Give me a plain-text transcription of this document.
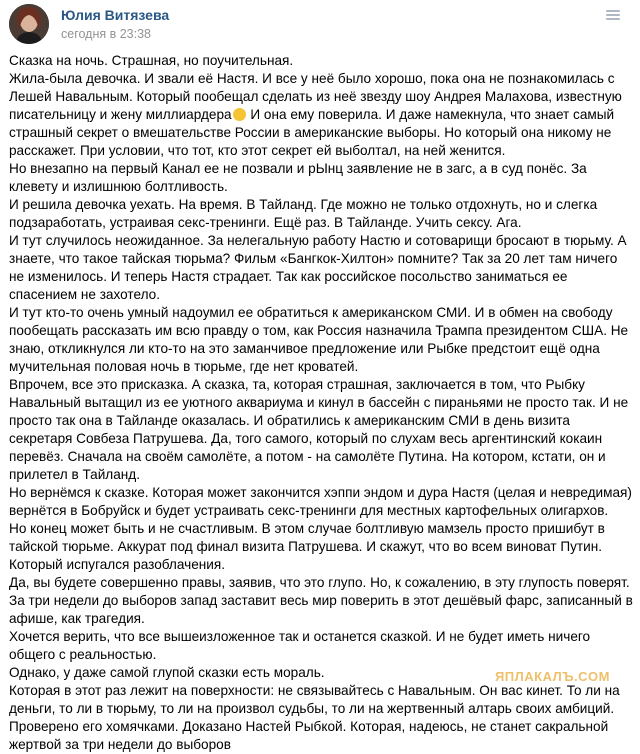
Юлия Витязева
сегодня в 23:38

Сказка на ночь. Страшная, но поучительная.

Жила-была девочка. И звали её Настя. И все у неё было хорошо, пока она не познакомилась с Лешей Навальным. Который пообещал сделать из неё звезду шоу Андрея Малахова, известную писательницу и жену миллиардера И она ему поверила. И даже намекнула, что знает самый страшный секрет о вмешательстве России в американские выборы. Но который она никому не расскажет. При условии, что тот, кто этот секрет ей выболтал, на ней женится.

Но внезапно на первый Канал ее не позвали и рЫнц заявление не в загс, а в суд понёс. За клевету и излишнюю болтливость.

И решила девочка уехать. На время. В Тайланд. Где можно не только отдохнуть, но и слегка подзаработать, устраивая секс-тренинги. Ещё раз. В Тайланде. Учить сексу. Ага.

И тут случилось неожиданное. За нелегальную работу Настю и сотоварищи бросают в тюрьму. А знаете, что такое тайская тюрьма? Фильм «Бангкок-Хилтон» помните? Так за 20 лет там ничего не изменилось. И теперь Настя страдает. Так как российское посольство заниматься ее спасением не захотело.

И тут кто-то очень умный надоумил ее обратиться к американском СМИ. И в обмен на свободу пообещать рассказать им всю правду о том, как Россия назначила Трампа президентом США. Не знаю, откликнулся ли кто-то на это заманчивое предложение или Рыбке предстоит ещё одна мучительная половая ночь в тюрьме, где нет кроватей.

Впрочем, все это присказка. А сказка, та, которая страшная, заключается в том, что Рыбку Навальный вытащил из ее уютного аквариума и кинул в бассейн с пираньями не просто так. И не просто так она в Тайланде оказалась. И обратились к американским СМИ в день визита секретаря Совбеза Патрушева. Да, того самого, который по слухам весь аргентинский кокаин перевёз. Сначала на своём самолёте, а потом - на самолёте Путина. На котором, кстати, он и прилетел в Тайланд.

Но вернёмся к сказке. Которая может закончится хэппи эндом и дура Настя (целая и невредимая) вернётся в Бобруйск и будет устраивать секс-тренинги для местных картофельных олигархов.

Но конец может быть и не счастливым. В этом случае болтливую мамзель просто пришибут в тайской тюрьме. Аккурат под финал визита Патрушева. И скажут, что во всем виноват Путин. Который испугался разоблачения.

Да, вы будете совершенно правы, заявив, что это глупо. Но, к сожалению, в эту глупость поверят. За три недели до выборов запад заставит весь мир поверить в этот дешёвый фарс, записанный в афише, как трагедия.

Хочется верить, что все вышеизложенное так и останется сказкой. И не будет иметь ничего общего с реальностью.

Однако, у даже самой глупой сказки есть мораль.

Которая в этот раз лежит на поверхности: не связывайтесь с Навальным. Он вас кинет. То ли на деньги, то ли в тюрьму, то ли на произвол судьбы, то ли на жертвенный алтарь своих амбиций. Проверено его хомячками. Доказано Настей Рыбкой. Которая, надеюсь, не станет сакральной жертвой за три недели до выборов

ЯПЛАКАЛЪ.COM
